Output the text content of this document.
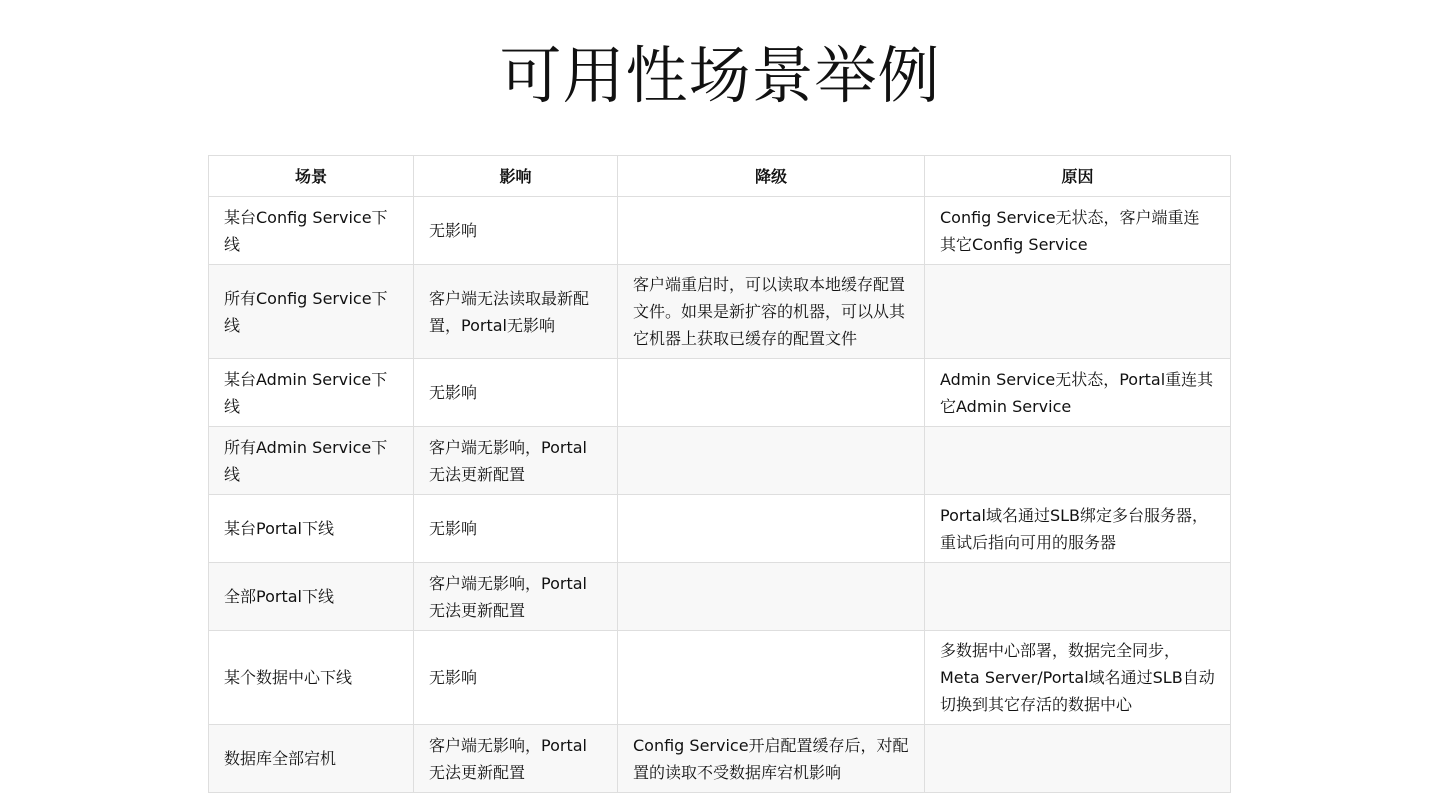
可用性场景举例
场景	影响	降级	原因
某台Config Service下线	无影响		Config Service无状态，客户端重连其它Config Service
所有Config Service下线	客户端无法读取最新配置，Portal无影响	客户端重启时，可以读取本地缓存配置文件。如果是新扩容的机器，可以从其它机器上获取已缓存的配置文件	
某台Admin Service下线	无影响		Admin Service无状态，Portal重连其它Admin Service
所有Admin Service下线	客户端无影响，Portal无法更新配置		
某台Portal下线	无影响		Portal域名通过SLB绑定多台服务器，重试后指向可用的服务器
全部Portal下线	客户端无影响，Portal无法更新配置		
某个数据中心下线	无影响		多数据中心部署，数据完全同步，Meta Server/Portal域名通过SLB自动切换到其它存活的数据中心
数据库全部宕机	客户端无影响，Portal无法更新配置	Config Service开启配置缓存后，对配置的读取不受数据库宕机影响	
